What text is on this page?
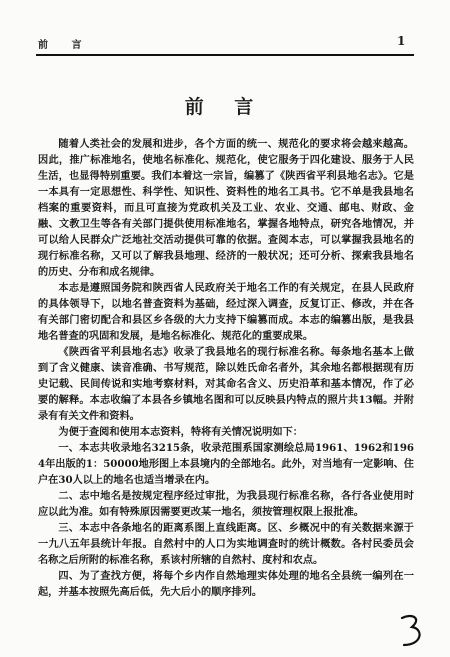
前 言	1
前 言

随着人类社会的发展和进步，各个方面的统一、规范化的要求将会越来越高。因此，推广标准地名，使地名标准化、规范化，使它服务于四化建设、服务于人民生活，也显得特别重要。我们本着这一宗旨，编篡了《陕西省平利县地名志》。它是一本具有一定思想性、科学性、知识性、资料性的地名工具书。它不单是我县地名档案的重要资料，而且可直接为党政机关及工业、农业、交通、邮电、财政、金融、文教卫生等各有关部门提供使用标准地名，掌握各地特点，研究各地情况，并可以给人民群众广泛地社交活动提供可靠的依据。查阅本志，可以掌握我县地名的现行标准名称，又可以了解我县地理、经济的一般状况；还可分析、探索我县地名的历史、分布和成名规律。

本志是遵照国务院和陕西省人民政府关于地名工作的有关规定，在县人民政府的具体领导下，以地名普查资料为基础，经过深入调查，反复订正、修改，并在各有关部门密切配合和县区乡各级的大力支持下编篡而成。本志的编篡出版，是我县地名普查的巩固和发展，是地名标准化、规范化的重要成果。

《陕西省平利县地名志》收录了我县地名的现行标准名称。每条地名基本上做到了含义健康、读音准确、书写规范，除以姓氏命名者外，其余地名都根据现有历史记载、民间传说和实地考察材料，对其命名含义、历史沿革和基本情况，作了必要的解释。本志收编了本县各乡镇地名图和可以反映县内特点的照片共13幅。并附录有有关文件和资料。

为便于查阅和使用本志资料，特将有关情况说明如下：

一、本志共收录地名3215条，收录范围系国家测绘总局1961、1962和1964年出版的1：50000地形图上本县境内的全部地名。此外，对当地有一定影响、住户在30人以上的地名也适当增录在内。

二、志中地名是按规定程序经过审批，为我县现行标准名称，各行各业使用时应以此为准。如有特殊原因需要更改某一地名，须按管理权限上报批准。

三、本志中各条地名的距离系图上直线距离。区、乡概况中的有关数据来源于一九八五年县统计年报。自然村中的人口为实地调查时的统计概数。各村民委员会名称之后所附的标准名称，系该村所辖的自然村、度村和农点。

四、为了查找方便，将每个乡内作自然地理实体处理的地名全县统一编列在一起，并基本按照先高后低，先大后小的顺序排列。
